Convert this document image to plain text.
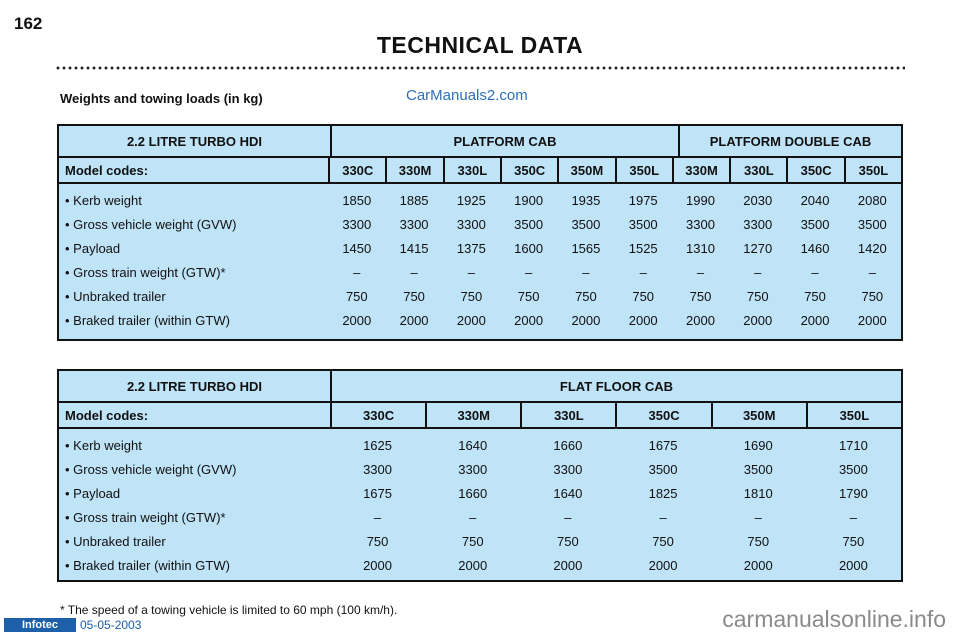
162
TECHNICAL DATA
Weights and towing loads (in kg)	CarManuals2.com
2.2 LITRE TURBO HDI	PLATFORM CAB	PLATFORM DOUBLE CAB
Model codes:	330C	330M	330L	350C	350M	350L	330M	330L	350C	350L
• Kerb weight	1850	1885	1925	1900	1935	1975	1990	2030	2040	2080
• Gross vehicle weight (GVW)	3300	3300	3300	3500	3500	3500	3300	3300	3500	3500
• Payload	1450	1415	1375	1600	1565	1525	1310	1270	1460	1420
• Gross train weight (GTW)*	–	–	–	–	–	–	–	–	–	–
• Unbraked trailer	750	750	750	750	750	750	750	750	750	750
• Braked trailer (within GTW)	2000	2000	2000	2000	2000	2000	2000	2000	2000	2000
2.2 LITRE TURBO HDI	FLAT FLOOR CAB
Model codes:	330C	330M	330L	350C	350M	350L
• Kerb weight	1625	1640	1660	1675	1690	1710
• Gross vehicle weight (GVW)	3300	3300	3300	3500	3500	3500
• Payload	1675	1660	1640	1825	1810	1790
• Gross train weight (GTW)*	–	–	–	–	–	–
• Unbraked trailer	750	750	750	750	750	750
• Braked trailer (within GTW)	2000	2000	2000	2000	2000	2000
* The speed of a towing vehicle is limited to 60 mph (100 km/h).
Infotec	05-05-2003	carmanualsonline.info
